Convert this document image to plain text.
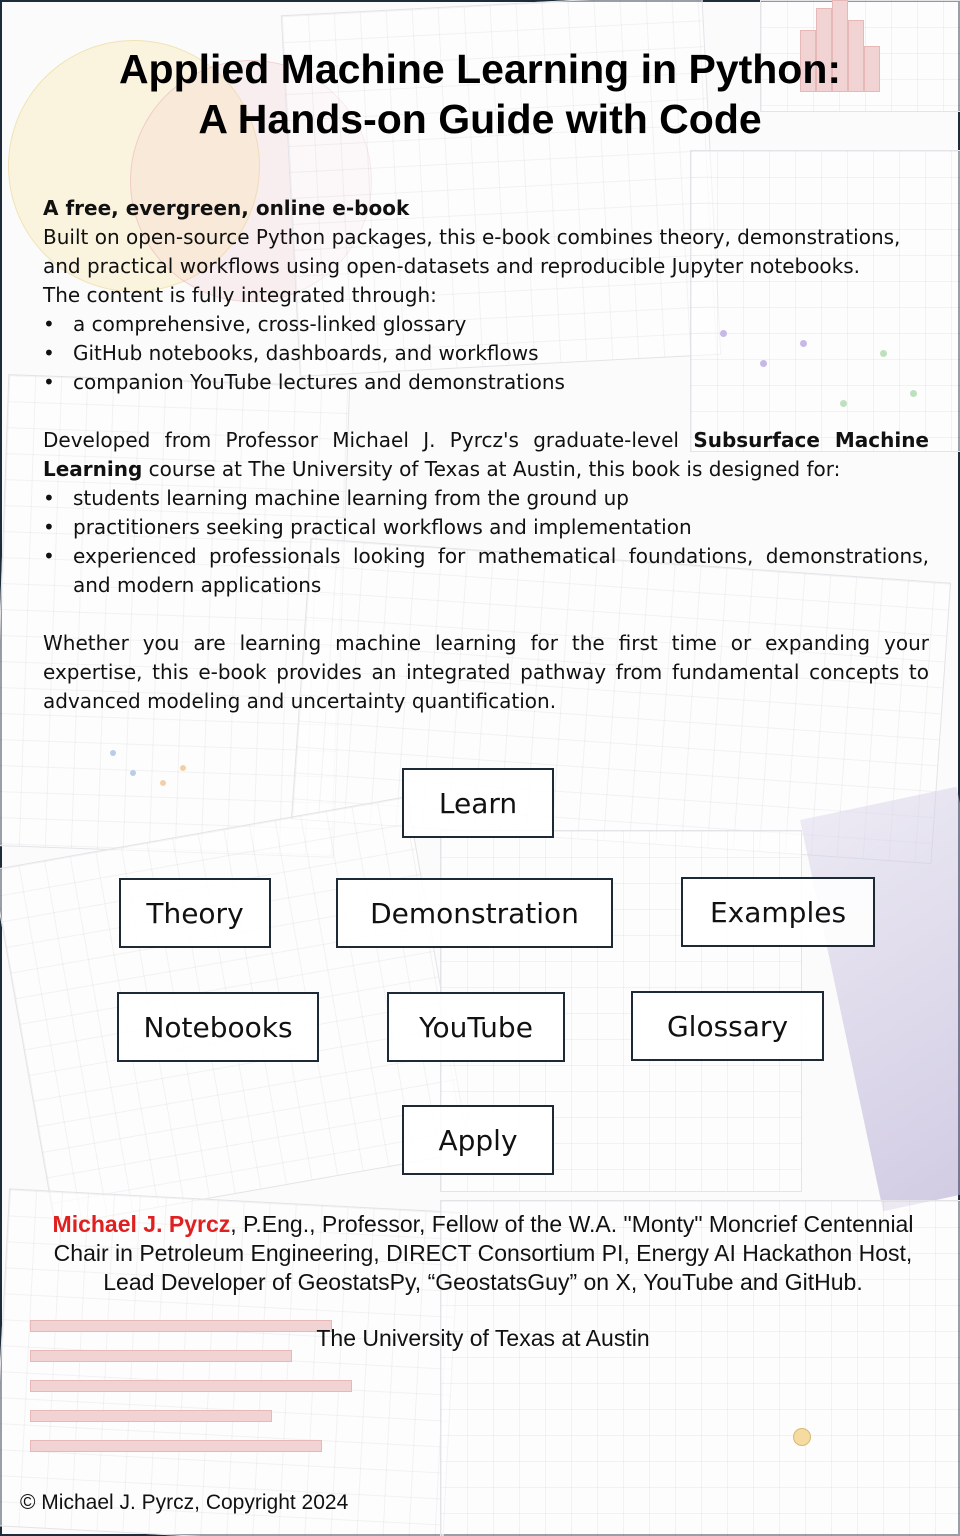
Applied Machine Learning in Python:
A Hands-on Guide with Code

A free, evergreen, online e-book

Built on open-source Python packages, this e-book combines theory, demonstrations, and practical workflows using open-datasets and reproducible Jupyter notebooks.

The content is fully integrated through:

• a comprehensive, cross-linked glossary
• GitHub notebooks, dashboards, and workflows
• companion YouTube lectures and demonstrations

Developed from Professor Michael J. Pyrcz's graduate-level Subsurface Machine Learning course at The University of Texas at Austin, this book is designed for:

• students learning machine learning from the ground up
• practitioners seeking practical workflows and implementation
• experienced professionals looking for mathematical foundations, demonstrations, and modern applications

Whether you are learning machine learning for the first time or expanding your expertise, this e-book provides an integrated pathway from fundamental concepts to advanced modeling and uncertainty quantification.

Learn
Theory	Demonstration	Examples
Notebooks	YouTube	Glossary
Apply
Michael J. Pyrcz, P.Eng., Professor, Fellow of the W.A. "Monty" Moncrief Centennial
Chair in Petroleum Engineering, DIRECT Consortium PI, Energy AI Hackathon Host,
Lead Developer of GeostatsPy, “GeostatsGuy” on X, YouTube and GitHub.
The University of Texas at Austin
© Michael J. Pyrcz, Copyright 2024
